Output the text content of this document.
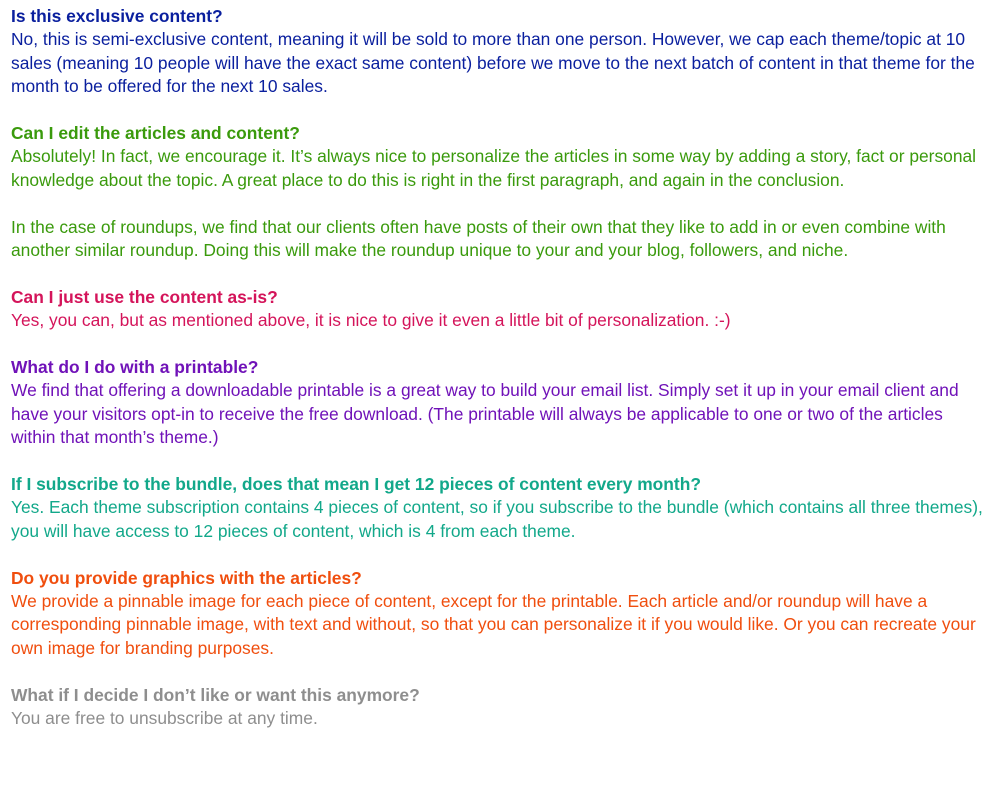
Is this exclusive content?

No, this is semi-exclusive content, meaning it will be sold to more than one person. However, we cap each theme/topic at 10 sales (meaning 10 people will have the exact same content) before we move to the next batch of content in that theme for the month to be offered for the next 10 sales.

Can I edit the articles and content?

Absolutely! In fact, we encourage it. It’s always nice to personalize the articles in some way by adding a story, fact or personal knowledge about the topic. A great place to do this is right in the first paragraph, and again in the conclusion.

In the case of roundups, we find that our clients often have posts of their own that they like to add in or even combine with another similar roundup. Doing this will make the roundup unique to your and your blog, followers, and niche.

Can I just use the content as-is?

Yes, you can, but as mentioned above, it is nice to give it even a little bit of personalization. :-)

What do I do with a printable?

We find that offering a downloadable printable is a great way to build your email list. Simply set it up in your email client and have your visitors opt-in to receive the free download. (The printable will always be applicable to one or two of the articles within that month’s theme.)

If I subscribe to the bundle, does that mean I get 12 pieces of content every month?

Yes. Each theme subscription contains 4 pieces of content, so if you subscribe to the bundle (which contains all three themes), you will have access to 12 pieces of content, which is 4 from each theme.

Do you provide graphics with the articles?

We provide a pinnable image for each piece of content, except for the printable. Each article and/or roundup will have a corresponding pinnable image, with text and without, so that you can personalize it if you would like. Or you can recreate your own image for branding purposes.

What if I decide I don’t like or want this anymore?

You are free to unsubscribe at any time.
